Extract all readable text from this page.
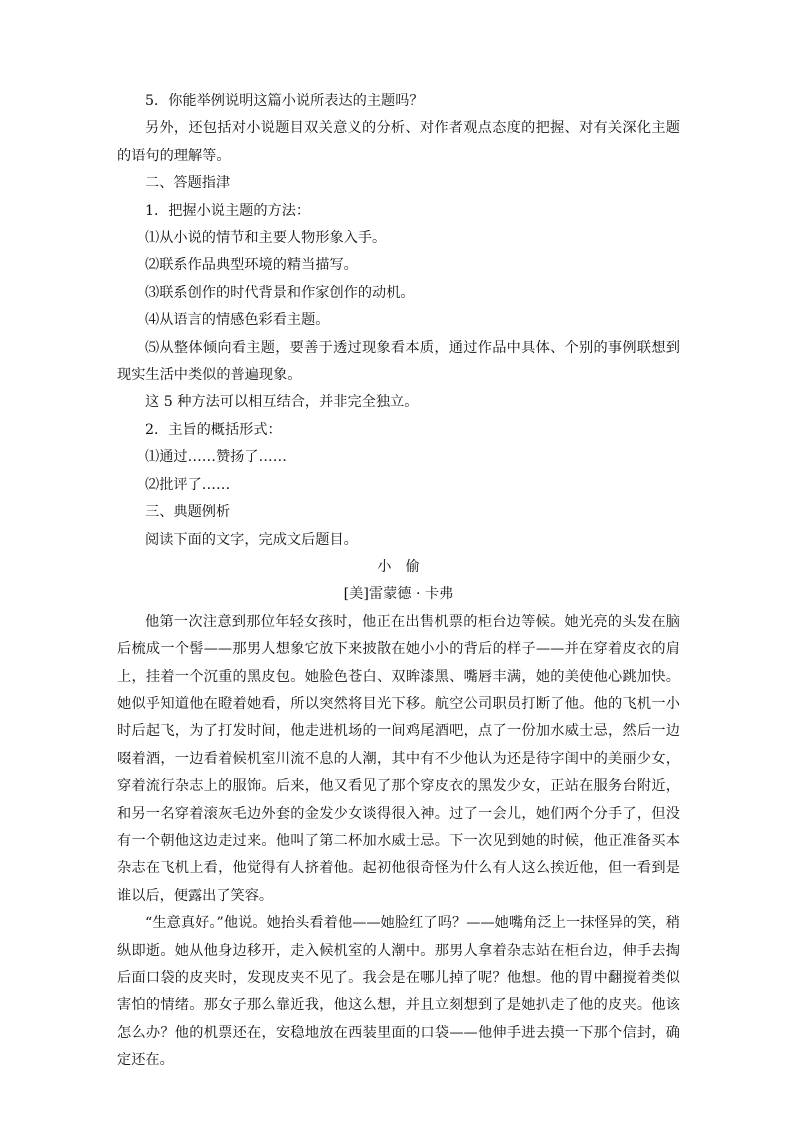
5．你能举例说明这篇小说所表达的主题吗？
另外，还包括对小说题目双关意义的分析、对作者观点态度的把握、对有关深化主题的语句的理解等。
二、答题指津
1．把握小说主题的方法：
⑴从小说的情节和主要人物形象入手。
⑵联系作品典型环境的精当描写。
⑶联系创作的时代背景和作家创作的动机。
⑷从语言的情感色彩看主题。
⑸从整体倾向看主题，要善于透过现象看本质，通过作品中具体、个别的事例联想到现实生活中类似的普遍现象。
这 5 种方法可以相互结合，并非完全独立。
2．主旨的概括形式：
⑴通过……赞扬了……
⑵批评了……
三、典题例析
阅读下面的文字，完成文后题目。
小　偷
[美]雷蒙德 · 卡弗
他第一次注意到那位年轻女孩时，他正在出售机票的柜台边等候。她光亮的头发在脑后梳成一个髻——那男人想象它放下来披散在她小小的背后的样子——并在穿着皮衣的肩上，挂着一个沉重的黑皮包。她脸色苍白、双眸漆黑、嘴唇丰满，她的美使他心跳加快。她似乎知道他在瞪着她看，所以突然将目光下移。航空公司职员打断了他。他的飞机一小时后起飞，为了打发时间，他走进机场的一间鸡尾酒吧，点了一份加水威士忌，然后一边啜着酒，一边看着候机室川流不息的人潮，其中有不少他认为还是待字闺中的美丽少女，穿着流行杂志上的服饰。后来，他又看见了那个穿皮衣的黑发少女，正站在服务台附近，和另一名穿着滚灰毛边外套的金发少女谈得很入神。过了一会儿，她们两个分手了，但没有一个朝他这边走过来。他叫了第二杯加水威士忌。下一次见到她的时候，他正准备买本杂志在飞机上看，他觉得有人挤着他。起初他很奇怪为什么有人这么挨近他，但一看到是谁以后，便露出了笑容。
“生意真好。”他说。她抬头看着他——她脸红了吗？——她嘴角泛上一抹怪异的笑，稍纵即逝。她从他身边移开，走入候机室的人潮中。那男人拿着杂志站在柜台边，伸手去掏后面口袋的皮夹时，发现皮夹不见了。我会是在哪儿掉了呢？他想。他的胃中翻搅着类似害怕的情绪。那女子那么靠近我，他这么想，并且立刻想到了是她扒走了他的皮夹。他该怎么办？他的机票还在，安稳地放在西装里面的口袋——他伸手进去摸一下那个信封，确定还在。
